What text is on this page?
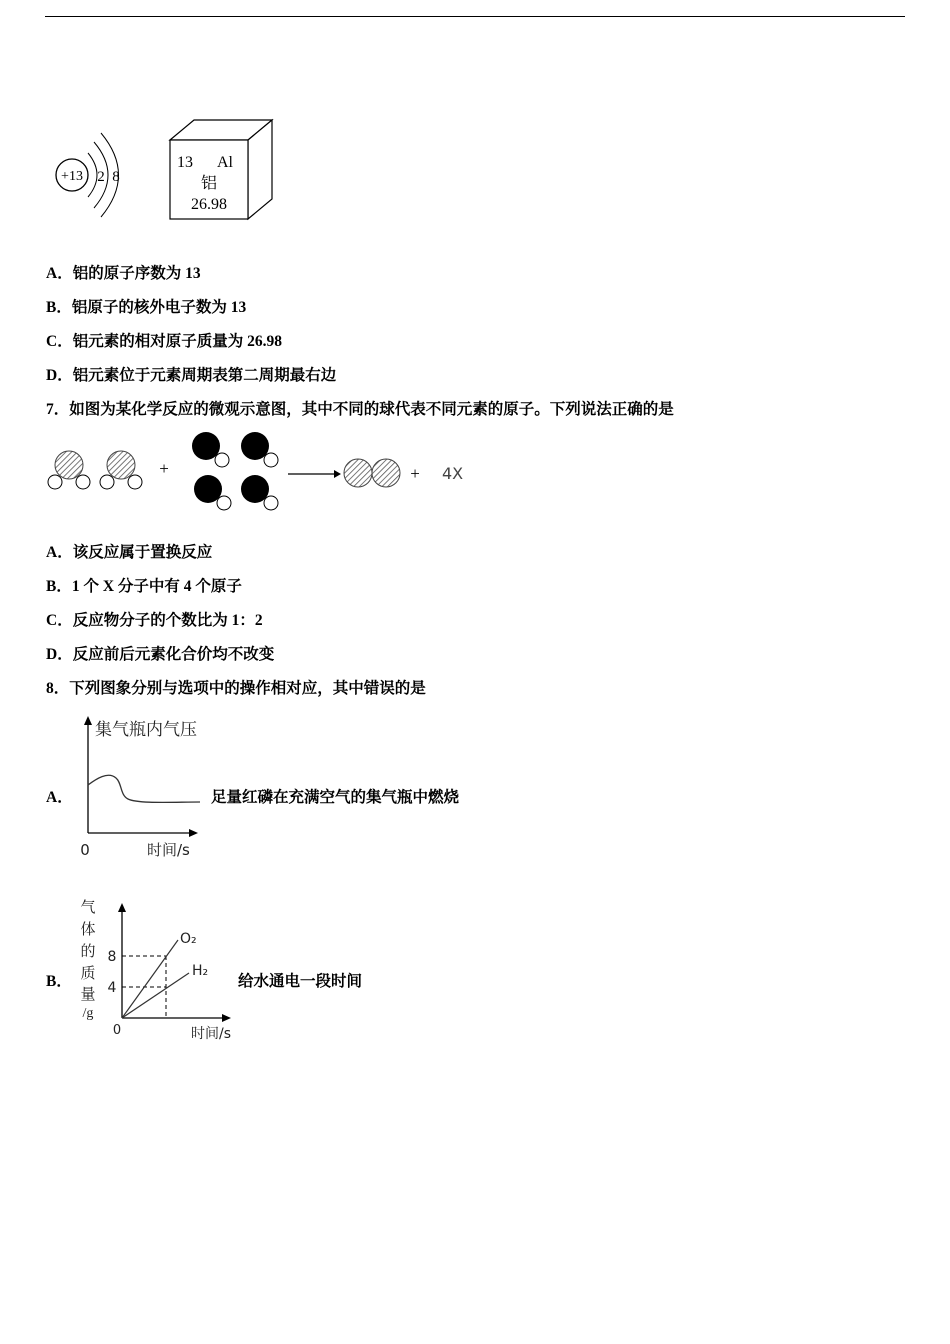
+13 2 8
13 Al
铝
26.98
A．铝的原子序数为 13
B．铝原子的核外电子数为 13
C．铝元素的相对原子质量为 26.98
D．铝元素位于元素周期表第二周期最右边
7．如图为某化学反应的微观示意图，其中不同的球代表不同元素的原子。下列说法正确的是
+	+ 4X
A．该反应属于置换反应
B．1 个 X 分子中有 4 个原子
C．反应物分子的个数比为 1：2
D．反应前后元素化合价均不改变
8．下列图象分别与选项中的操作相对应，其中错误的是
A．
集气瓶内气压
0	时间/s
足量红磷在充满空气的集气瓶中燃烧
B．
气
体
的
质
量
/g
O₂
H₂
8
4
0	时间/s
给水通电一段时间
